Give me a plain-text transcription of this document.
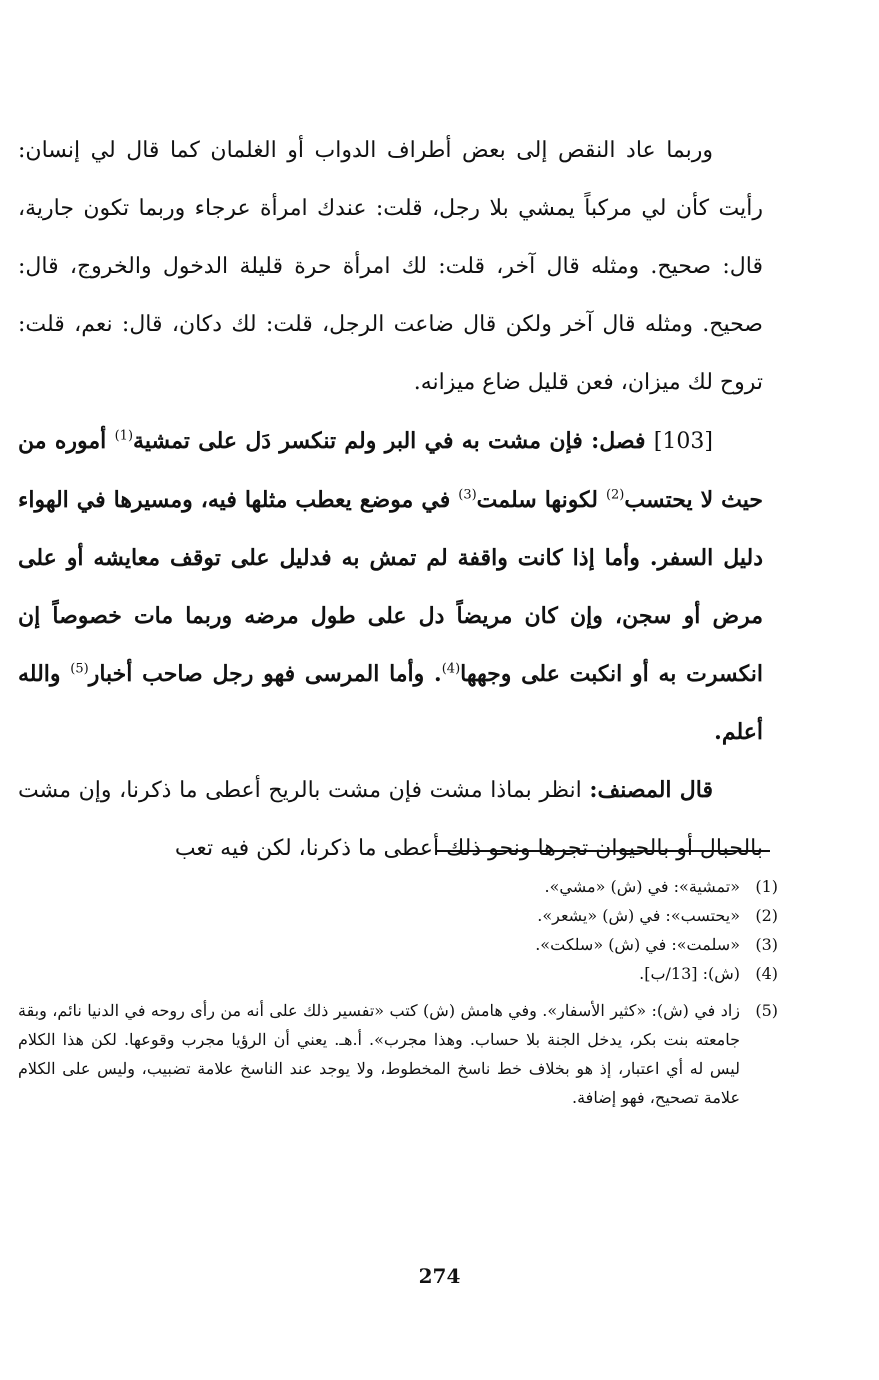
وربما عاد النقص إلى بعض أطراف الدواب أو الغلمان كما قال لي إنسان: رأيت كأن لي مركباً يمشي بلا رجل، قلت: عندك امرأة عرجاء وربما تكون جارية، قال: صحيح. ومثله قال آخر، قلت: لك امرأة حرة قليلة الدخول والخروج، قال: صحيح. ومثله قال آخر ولكن قال ضاعت الرجل، قلت: لك دكان، قال: نعم، قلت: تروح لك ميزان، فعن قليل ضاع ميزانه.

[103] فصل: فإن مشت به في البر ولم تنكسر دَل على تمشية$^{(1)}$ أموره من حيث لا يحتسب$^{(2)}$ لكونها سلمت$^{(3)}$ في موضع يعطب مثلها فيه، ومسيرها في الهواء دليل السفر. وأما إذا كانت واقفة لم تمش به فدليل على توقف معايشه أو على مرض أو سجن، وإن كان مريضاً دل على طول مرضه وربما مات خصوصاً إن انكسرت به أو انكبت على وجهها$^{(4)}$. وأما المرسى فهو رجل صاحب أخبار$^{(5)}$ والله أعلم.

قال المصنف: انظر بماذا مشت فإن مشت بالريح أعطى ما ذكرنا، وإن مشت بالحبال أو بالحيوان تجرها ونحو ذلك أعطى ما ذكرنا، لكن فيه تعب

(1)
«تمشية»: في (ش) «مشي».
(2)
«يحتسب»: في (ش) «يشعر».
(3)
«سلمت»: في (ش) «سلكت».
(4)
(ش): [13/ب].
(5)
زاد في (ش): «كثير الأسفار». وفي هامش (ش) كتب «تفسير ذلك على أنه من رأى روحه في الدنيا نائم، وبقة جامعته بنت بكر، يدخل الجنة بلا حساب. وهذا مجرب». أ.هـ. يعني أن الرؤيا مجرب وقوعها. لكن هذا الكلام ليس له أي اعتبار، إذ هو بخلاف خط ناسخ المخطوط، ولا يوجد عند الناسخ علامة تضبيب، وليس على الكلام علامة تصحيح، فهو إضافة.
274
